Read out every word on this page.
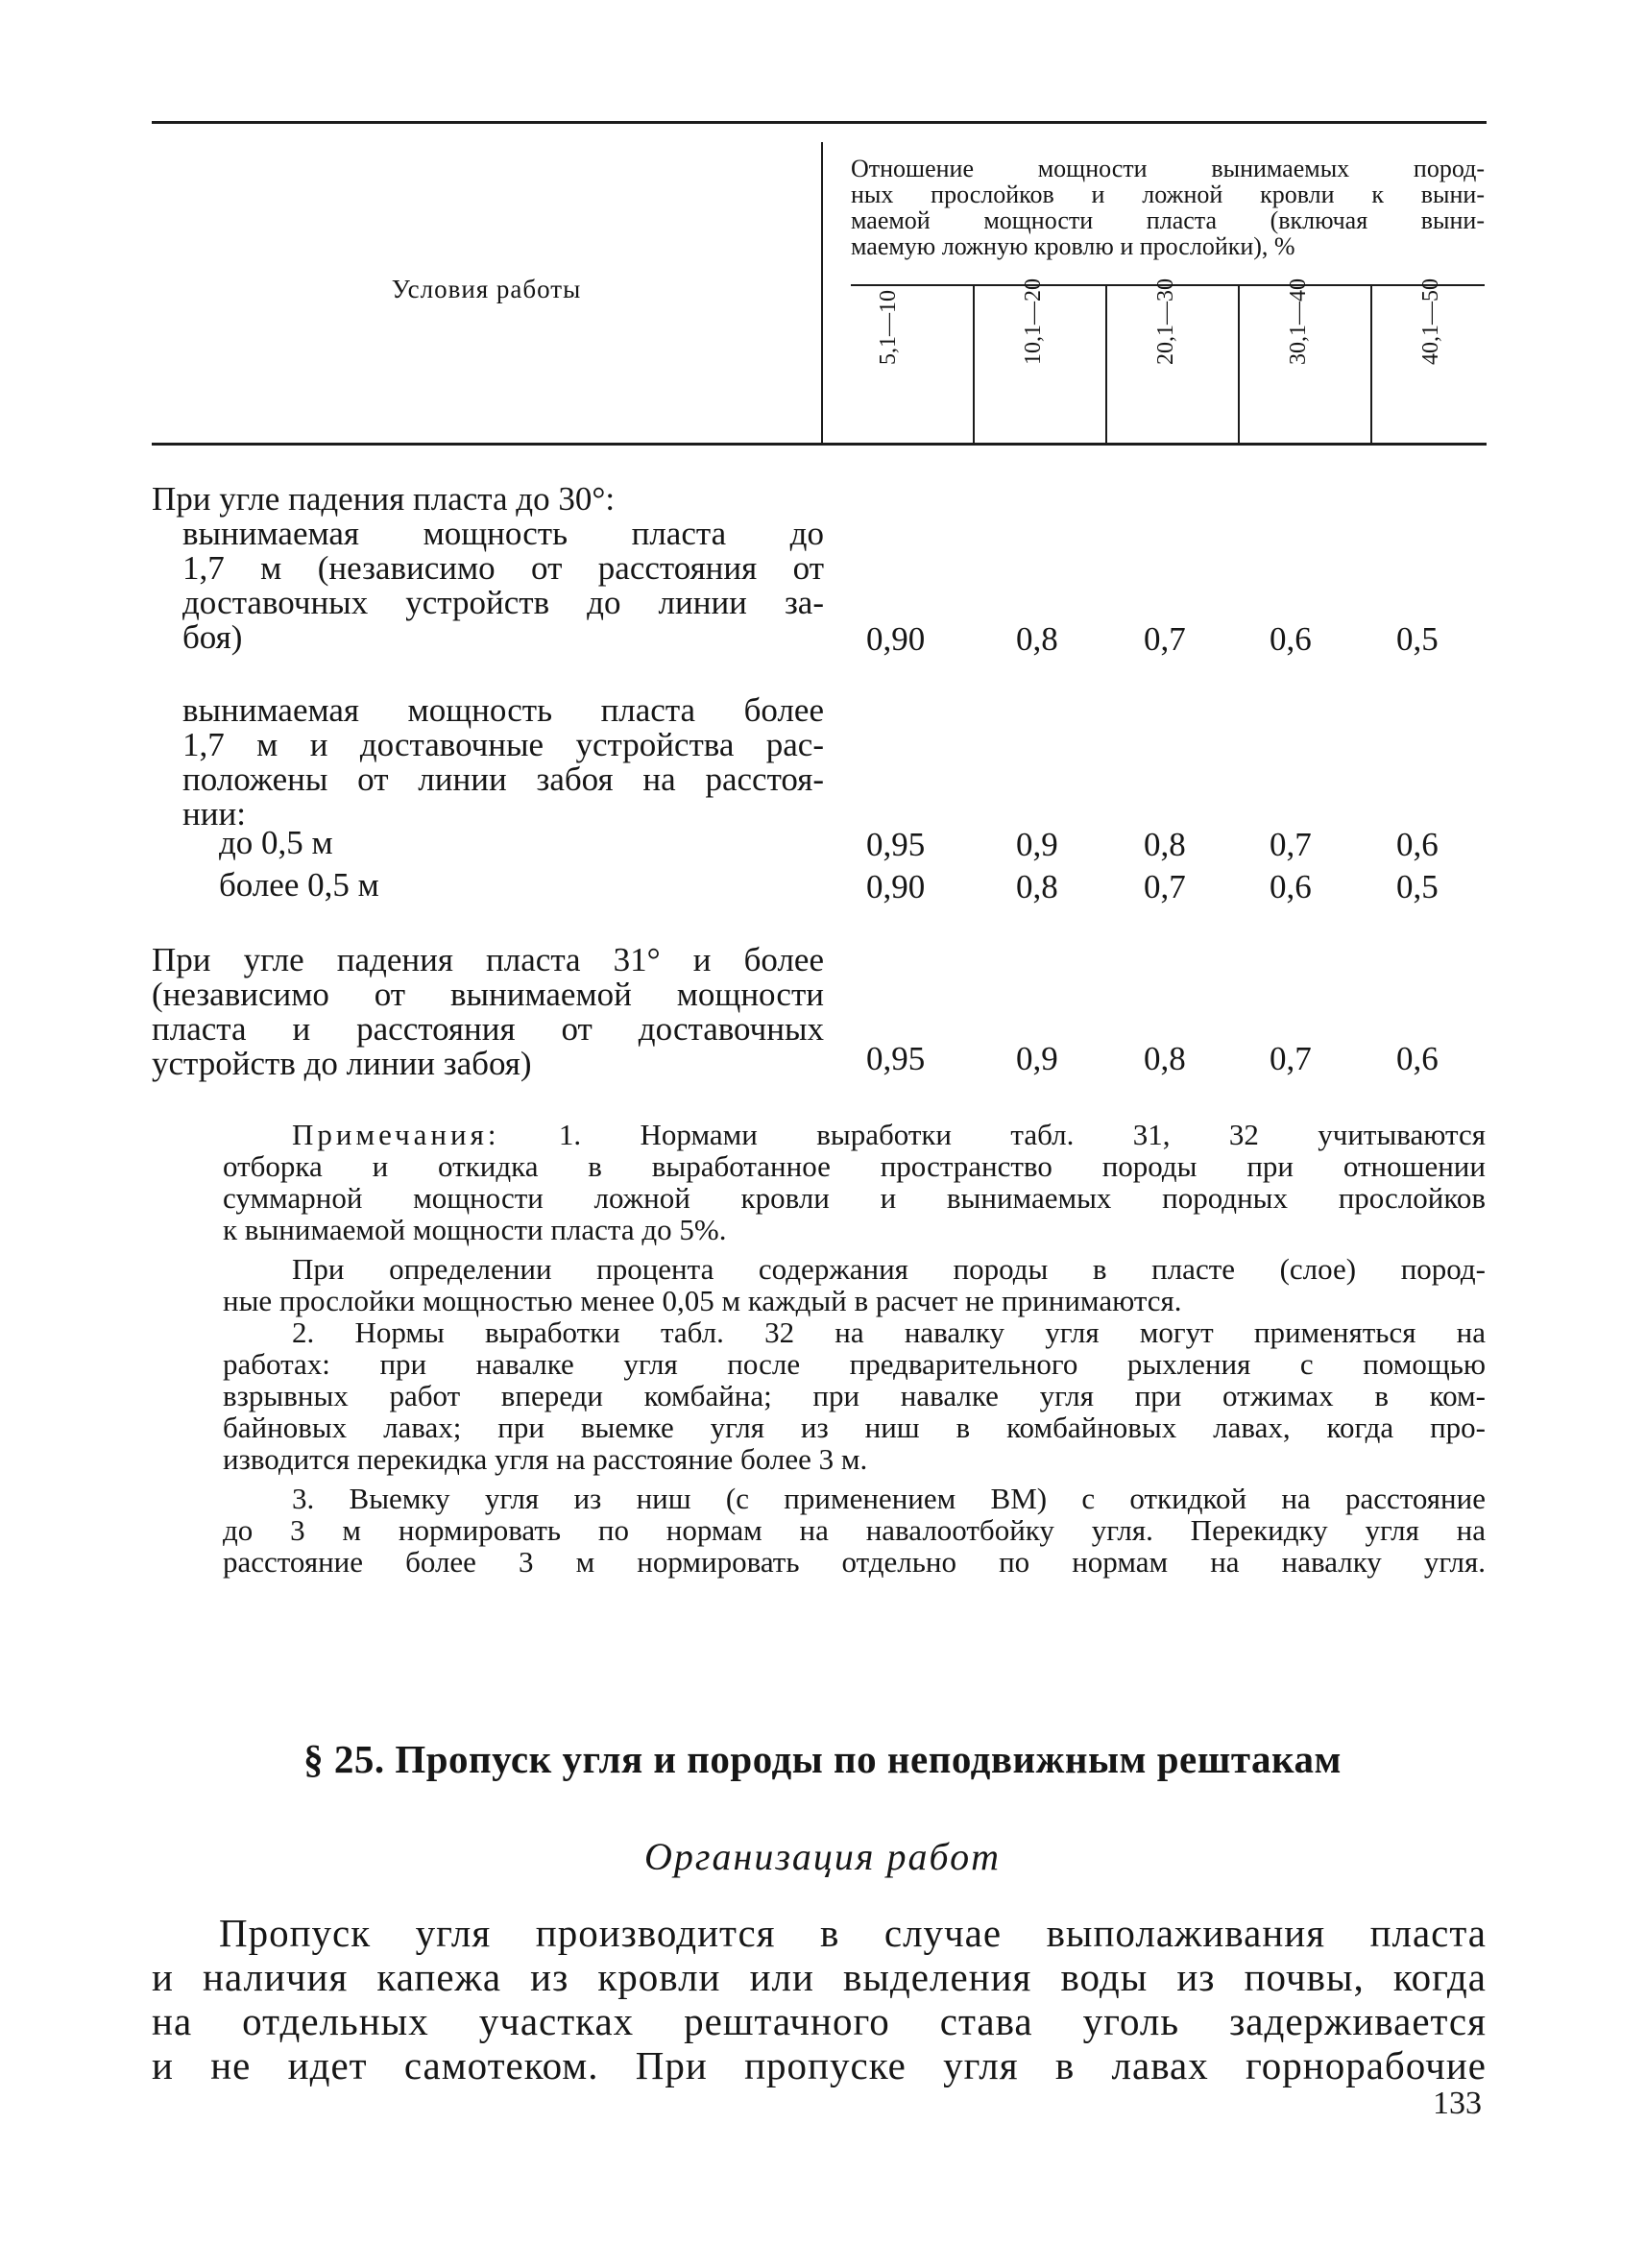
Условия работы
Отношение мощности вынимаемых пород-
ных прослойков и ложной кровли к выни-
маемой мощности пласта (включая выни-
маемую ложную кровлю и прослойки), %
5,1—10	10,1—20	20,1—30	30,1—40	40,1—50
При угле падения пласта до 30°:
вынимаемая мощность пласта до
1,7 м (независимо от расстояния от
доставочных устройств до линии за-
боя)	0,90	0,8	0,7	0,6	0,5
вынимаемая мощность пласта более
1,7 м и доставочные устройства рас-
положены от линии забоя на расстоя-
нии:
до 0,5 м	0,95	0,9	0,8	0,7	0,6
более 0,5 м	0,90	0,8	0,7	0,6	0,5
При угле падения пласта 31° и более
(независимо от вынимаемой мощности
пласта и расстояния от доставочных
устройств до линии забоя)	0,95	0,9	0,8	0,7	0,6
Примечания: 1. Нормами выработки табл. 31, 32 учитываются
отборка и откидка в выработанное пространство породы при отношении
суммарной мощности ложной кровли и вынимаемых породных прослойков
к вынимаемой мощности пласта до 5%.
При определении процента содержания породы в пласте (слое) пород-
ные прослойки мощностью менее 0,05 м каждый в расчет не принимаются.
2. Нормы выработки табл. 32 на навалку угля могут применяться на
работах: при навалке угля после предварительного рыхления с помощью
взрывных работ впереди комбайна; при навалке угля при отжимах в ком-
байновых лавах; при выемке угля из ниш в комбайновых лавах, когда про-
изводится перекидка угля на расстояние более 3 м.
3. Выемку угля из ниш (с применением ВМ) с откидкой на расстояние
до 3 м нормировать по нормам на навалоотбойку угля. Перекидку угля на
расстояние более 3 м нормировать отдельно по нормам на навалку угля.
§ 25. Пропуск угля и породы по неподвижным рештакам
Организация работ
Пропуск угля производится в случае выполаживания пласта
и наличия капежа из кровли или выделения воды из почвы, когда
на отдельных участках рештачного става уголь задерживается
и не идет самотеком. При пропуске угля в лавах горнорабочие
133
